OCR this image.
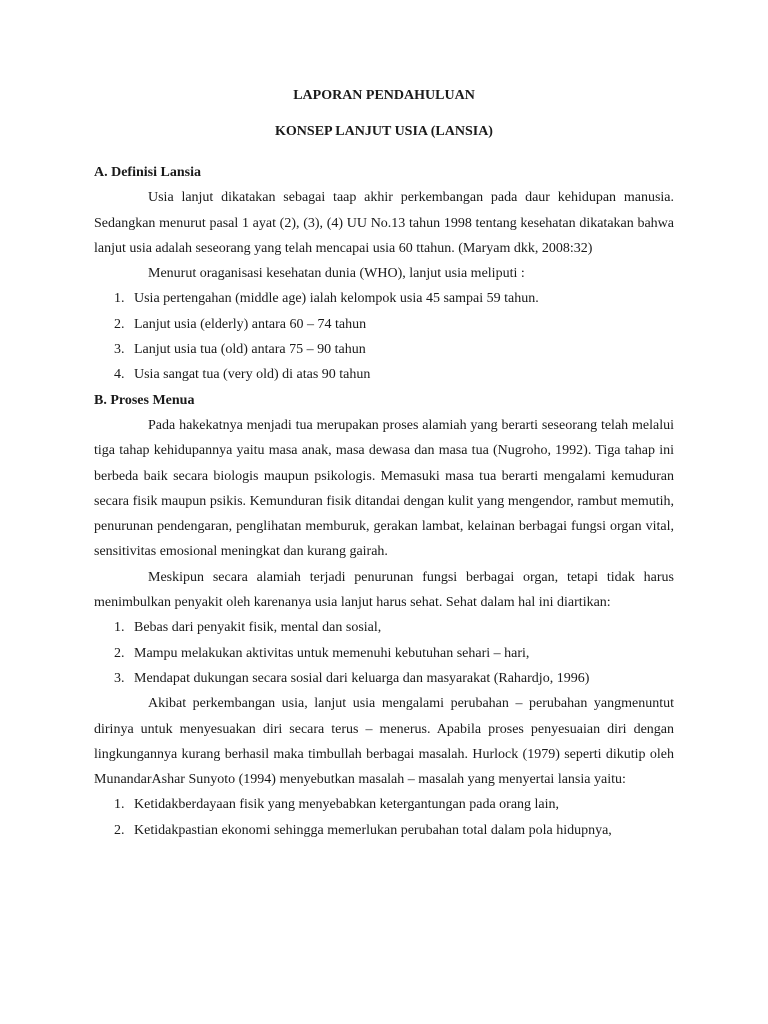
LAPORAN PENDAHULUAN
KONSEP LANJUT USIA (LANSIA)

A. Definisi Lansia

Usia lanjut dikatakan sebagai taap akhir perkembangan pada daur kehidupan manusia. Sedangkan menurut pasal 1 ayat (2), (3), (4) UU No.13 tahun 1998 tentang kesehatan dikatakan bahwa lanjut usia adalah seseorang yang telah mencapai usia 60 ttahun. (Maryam dkk, 2008:32)

Menurut oraganisasi kesehatan dunia (WHO), lanjut usia meliputi :

1. Usia pertengahan (middle age) ialah kelompok usia 45 sampai 59 tahun.
2. Lanjut usia (elderly) antara 60 – 74 tahun
3. Lanjut usia tua (old) antara 75 – 90 tahun
4. Usia sangat tua (very old) di atas 90 tahun

B. Proses Menua

Pada hakekatnya menjadi tua merupakan proses alamiah yang berarti seseorang telah melalui tiga tahap kehidupannya yaitu masa anak, masa dewasa dan masa tua (Nugroho, 1992). Tiga tahap ini berbeda baik secara biologis maupun psikologis. Memasuki masa tua berarti mengalami kemuduran secara fisik maupun psikis. Kemunduran fisik ditandai dengan kulit yang mengendor, rambut memutih, penurunan pendengaran, penglihatan memburuk, gerakan lambat, kelainan berbagai fungsi organ vital, sensitivitas emosional meningkat dan kurang gairah.

Meskipun secara alamiah terjadi penurunan fungsi berbagai organ, tetapi tidak harus menimbulkan penyakit oleh karenanya usia lanjut harus sehat. Sehat dalam hal ini diartikan:

1. Bebas dari penyakit fisik, mental dan sosial,
2. Mampu melakukan aktivitas untuk memenuhi kebutuhan sehari – hari,
3. Mendapat dukungan secara sosial dari keluarga dan masyarakat (Rahardjo, 1996)

Akibat perkembangan usia, lanjut usia mengalami perubahan – perubahan yangmenuntut dirinya untuk menyesuakan diri secara terus – menerus. Apabila proses penyesuaian diri dengan lingkungannya kurang berhasil maka timbullah berbagai masalah. Hurlock (1979) seperti dikutip oleh MunandarAshar Sunyoto (1994) menyebutkan masalah – masalah yang menyertai lansia yaitu:

1. Ketidakberdayaan fisik yang menyebabkan ketergantungan pada orang lain,
2. Ketidakpastian ekonomi sehingga memerlukan perubahan total dalam pola hidupnya,
